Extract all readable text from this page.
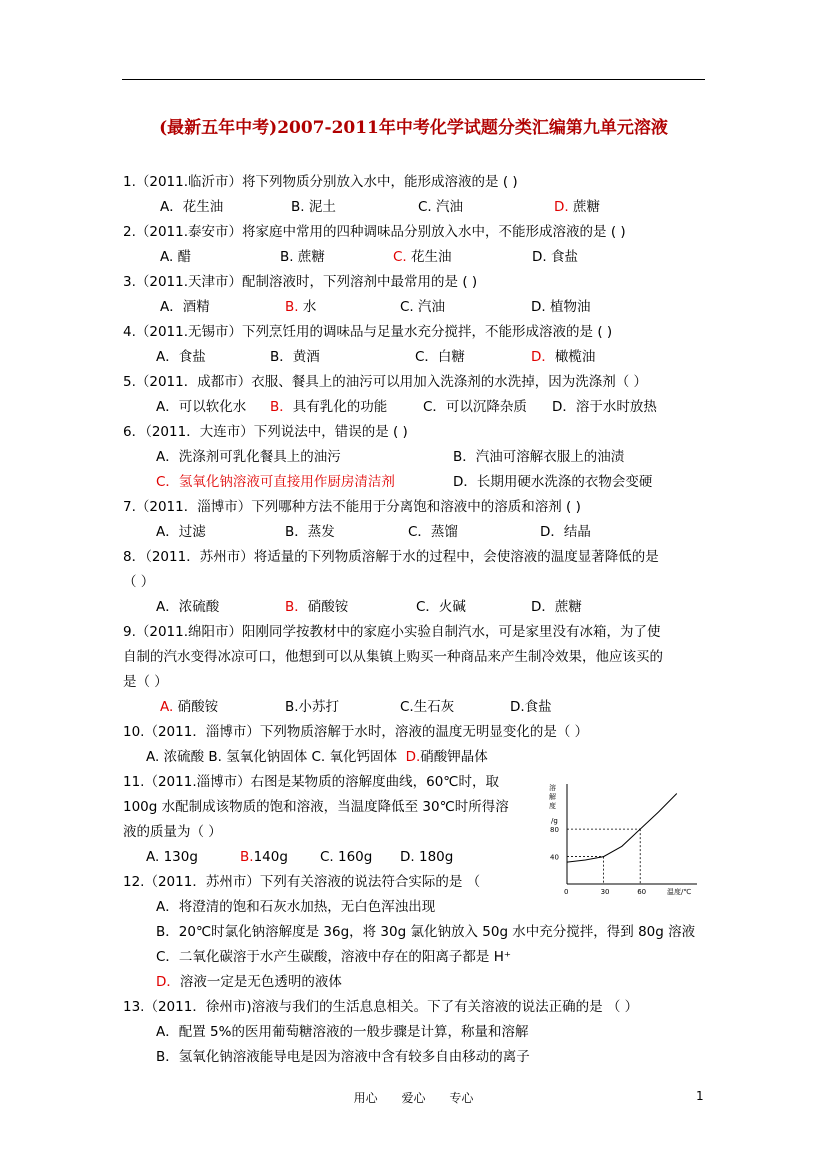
(最新五年中考)2007-2011年中考化学试题分类汇编第九单元溶液
1.（2011.临沂市）将下列物质分别放入水中，能形成溶液的是 ( )
A．花生油	B. 泥土	C. 汽油	D. 蔗糖
2.（2011.泰安市）将家庭中常用的四种调味品分别放入水中，不能形成溶液的是 ( )
A. 醋	B. 蔗糖	C. 花生油	D. 食盐
3.（2011.天津市）配制溶液时，下列溶剂中最常用的是 ( )
A．酒精	B. 水	C. 汽油	D. 植物油
4.（2011.无锡市）下列烹饪用的调味品与足量水充分搅拌，不能形成溶液的是 ( )
A．食盐	B．黄酒	C．白糖	D．橄榄油
5.（2011．成都市）衣服、餐具上的油污可以用加入洗涤剂的水洗掉，因为洗涤剂（ ）
A．可以软化水 B．具有乳化的功能	C．可以沉降杂质 D．溶于水时放热
6．（2011．大连市）下列说法中，错误的是 ( )
A．洗涤剂可乳化餐具上的油污	B．汽油可溶解衣服上的油渍
C．氢氧化钠溶液可直接用作厨房清洁剂	D．长期用硬水洗涤的衣物会变硬
7.（2011．淄博市）下列哪种方法不能用于分离饱和溶液中的溶质和溶剂 ( )
A．过滤	B．蒸发	C．蒸馏	D．结晶
8．（2011．苏州市）将适量的下列物质溶解于水的过程中，会使溶液的温度显著降低的是
（ ）
A．浓硫酸	B．硝酸铵	C．火碱	D．蔗糖
9.（2011.绵阳市）阳刚同学按教材中的家庭小实验自制汽水，可是家里没有冰箱，为了使
自制的汽水变得冰凉可口，他想到可以从集镇上购买一种商品来产生制冷效果，他应该买的
是（ ）
A. 硝酸铵	B.小苏打	C.生石灰	D.食盐
10.（2011．淄博市）下列物质溶解于水时，溶液的温度无明显变化的是（ ）
A. 浓硫酸 B. 氢氧化钠固体 C. 氧化钙固体 D.硝酸钾晶体
11.（2011.淄博市）右图是某物质的溶解度曲线，60℃时，取
100g 水配制成该物质的饱和溶液，当温度降低至 30℃时所得溶
液的质量为（ ）
A. 130g	B.140g C. 160g D. 180g
溶
解
度
/g
温度/℃
0	30	60
40
80
12.（2011．苏州市）下列有关溶液的说法符合实际的是 （
A．将澄清的饱和石灰水加热，无白色浑浊出现
B．20℃时氯化钠溶解度是 36g，将 30g 氯化钠放入 50g 水中充分搅拌，得到 80g 溶液
C．二氧化碳溶于水产生碳酸，溶液中存在的阳离子都是 H⁺
D．溶液一定是无色透明的液体
13.（2011．徐州市)溶液与我们的生活息息相关。下了有关溶液的说法正确的是 （ ）
A．配置 5%的医用葡萄糖溶液的一般步骤是计算，称量和溶解
B．氢氧化钠溶液能导电是因为溶液中含有较多自由移动的离子
用心 爱心 专心	1
